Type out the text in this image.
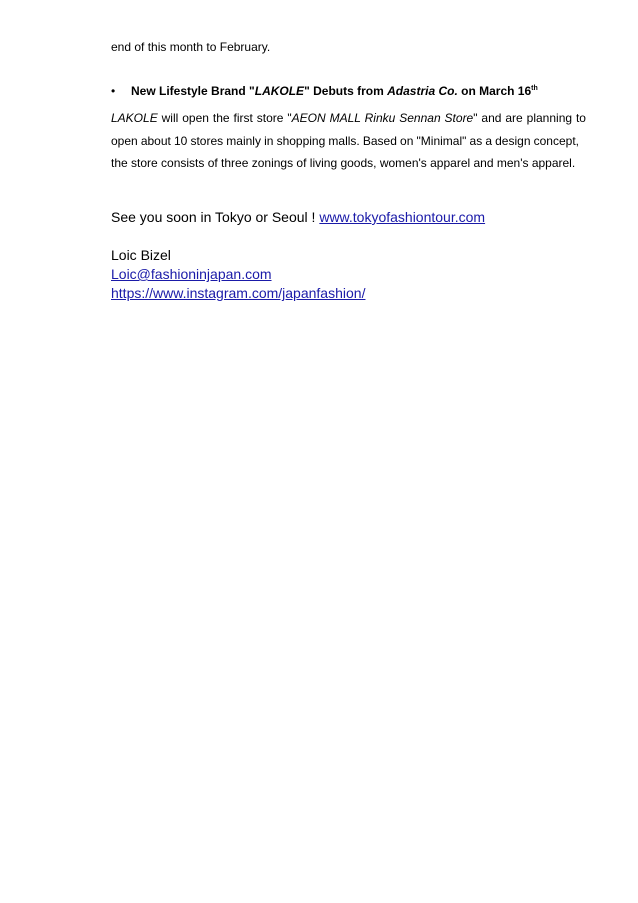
end of this month to February.
• New Lifestyle Brand "LAKOLE" Debuts from Adastria Co. on March 16th
LAKOLE will open the first store "AEON MALL Rinku Sennan Store" and are planning to
open about 10 stores mainly in shopping malls. Based on "Minimal" as a design concept,
the store consists of three zonings of living goods, women's apparel and men's apparel.
See you soon in Tokyo or Seoul ! www.tokyofashiontour.com
Loic Bizel
Loic@fashioninjapan.com
https://www.instagram.com/japanfashion/
